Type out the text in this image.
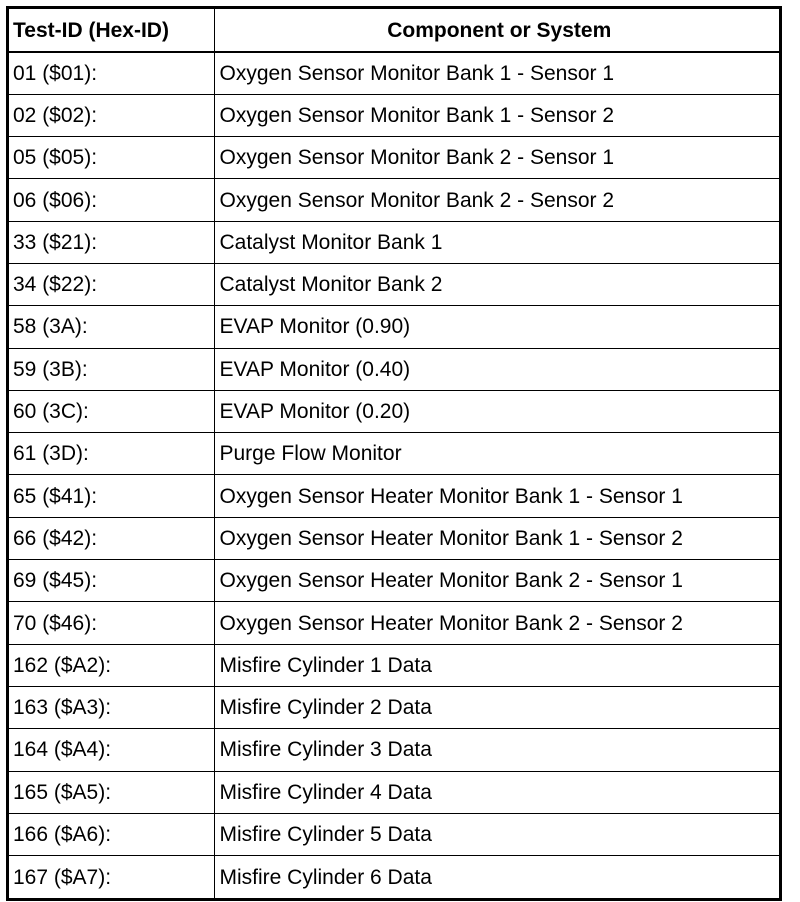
Test-ID (Hex-ID)	Component or System
01 ($01):	Oxygen Sensor Monitor Bank 1 - Sensor 1
02 ($02):	Oxygen Sensor Monitor Bank 1 - Sensor 2
05 ($05):	Oxygen Sensor Monitor Bank 2 - Sensor 1
06 ($06):	Oxygen Sensor Monitor Bank 2 - Sensor 2
33 ($21):	Catalyst Monitor Bank 1
34 ($22):	Catalyst Monitor Bank 2
58 (3A):	EVAP Monitor (0.90)
59 (3B):	EVAP Monitor (0.40)
60 (3C):	EVAP Monitor (0.20)
61 (3D):	Purge Flow Monitor
65 ($41):	Oxygen Sensor Heater Monitor Bank 1 - Sensor 1
66 ($42):	Oxygen Sensor Heater Monitor Bank 1 - Sensor 2
69 ($45):	Oxygen Sensor Heater Monitor Bank 2 - Sensor 1
70 ($46):	Oxygen Sensor Heater Monitor Bank 2 - Sensor 2
162 ($A2):	Misfire Cylinder 1 Data
163 ($A3):	Misfire Cylinder 2 Data
164 ($A4):	Misfire Cylinder 3 Data
165 ($A5):	Misfire Cylinder 4 Data
166 ($A6):	Misfire Cylinder 5 Data
167 ($A7):	Misfire Cylinder 6 Data
